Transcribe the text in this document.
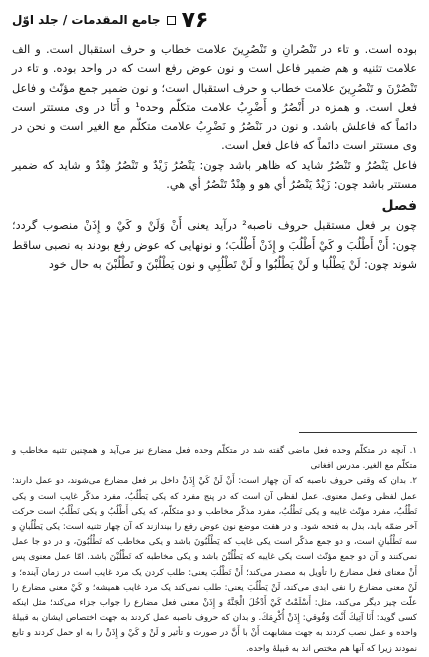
۷۶
جامع المقدمات / جلد اوّل

بوده است. و تاء در تَنْصُرانِ و تَنْصُرِينَ علامت خطاب و حرف استقبال است. و الف علامت تثنیه و هم ضمیر فاعل است و نون عوض رفع است که در واحد بوده. و تاء در تَنْصُرْنَ و تَنْصُرِينَ علامت خطاب و حرف استقبال است؛ و نون ضمیر جمع مؤنّث و فاعل فعل است. و همزه در أَنْصُرُ و أَضْرِبُ علامت متکلّم وحده¹ و أَنَا در وی مستتر است دائماً که فاعلش باشد. و نون در نَنْصُرُ و نَضْرِبُ علامت متکلّم مع الغیر است و نحن در وی مستتر است دائماً که فاعل فعل است.

فاعل يَنْصُرُ و تَنْصُرُ شاید که ظاهر باشد چون: يَنْصُرُ زَيْدٌ و تَنْصُرُ هِنْدٌ و شاید که ضمیر مستتر باشد چون: زَيْدٌ يَنْصُرُ أي هو و هِنْدٌ تَنْصُرُ أي هي.

فصل

چون بر فعل مستقبل حروف ناصبه² درآید یعنی أَنْ وَلَنْ و كَيْ و إِذَنْ منصوب گردد؛ چون: أَنْ أَطْلُبَ و كَيْ أَطْلُبَ و إِذَنْ أَطْلُبَ؛ و نونهایی که عوض رفع بودند به نصبی ساقط شوند چون: لَنْ يَطْلُبا و لَنْ يَطْلُبُوا و لَنْ تَطْلُبِي و نون يَطْلُبْنَ و تَطْلُبْنَ به حال خود

۱. آنچه در متکلّم وحده فعل ماضی گفته شد در متکلّم وحده فعل مضارع نیز می‌آید و همچنین تثنیه مخاطب و متکلّم مع الغیر. مدرس افغانی

۲. بدان که وقتی حروف ناصبه که آن چهار است: أَنْ لَنْ كَيْ إِذَنْ داخل بر فعل مضارع می‌شوند، دو عمل دارند: عمل لفظی وعمل معنوی. عمل لفظی آن است که در پنج مفرد که یکی يَطْلُبُ، مفرد مذکّر غایب است و یکی تَطْلُبُ، مفرد مؤنّث غایبه و یکی تَطْلُبُ، مفرد مذکّر مخاطب و دو متکلّم، که یکی أَطْلُبُ و یکی نَطْلُبُ است حرکت آخر ضمّه بابد، بدل به فتحه شود. و در هفت موضع نون عوض رفع را بیندازند که آن چهار تثنیه است: یکی يَطْلُبانِ و سه تَطْلُبانِ است، و دو جمع مذکّر است یکی غایب که يَطْلُبُونَ باشد و یکی مخاطب که تَطْلُبُونَ، و در دو جا عمل نمی‌کنند و آن دو جمع مؤنّث است یکی غایبه که يَطْلُبْنَ باشد و یکی مخاطبه که تَطْلُبْنَ باشد. امّا عمل معنوی پس أَنْ معنای فعل مضارع را تأویل به مصدر می‌کند؛ أَنْ تَطْلُبَ یعنی: طلب کردن یک مرد غایب است در زمان آینده؛ و لَنْ معنی مضارع را نفی ابدی می‌کند، لَنْ يَطْلُبَ یعنی: طلب نمی‌کند یک مرد غایب همیشه؛ و كَيْ معنی مضارع را علّت چیز دیگر می‌کند، مثل: أَسْلَمْتُ كَيْ أَدْخُلَ الْجَنَّةَ و إِذَنْ معنی فعل مضارع را جواب جزاء می‌کند؛ مثل اینکه کسی گوید: أَنَا آتِيكَ أَنْتَ وَفُوقي: إِذَنْ أُكْرِمَكَ. و بدان که حروف ناصبه عمل کردند به جهت اختصاص ایشان به قبیلهٔ واحده و عمل نصب کردند به جهت مشابهت أَنْ با أَنَّ در صورت و تأثیر و لَنْ و كَيْ و إِذَنْ را به او حمل کردند و تابع نمودند زیرا که آنها هم مختص اند به قبیلهٔ واحده.
